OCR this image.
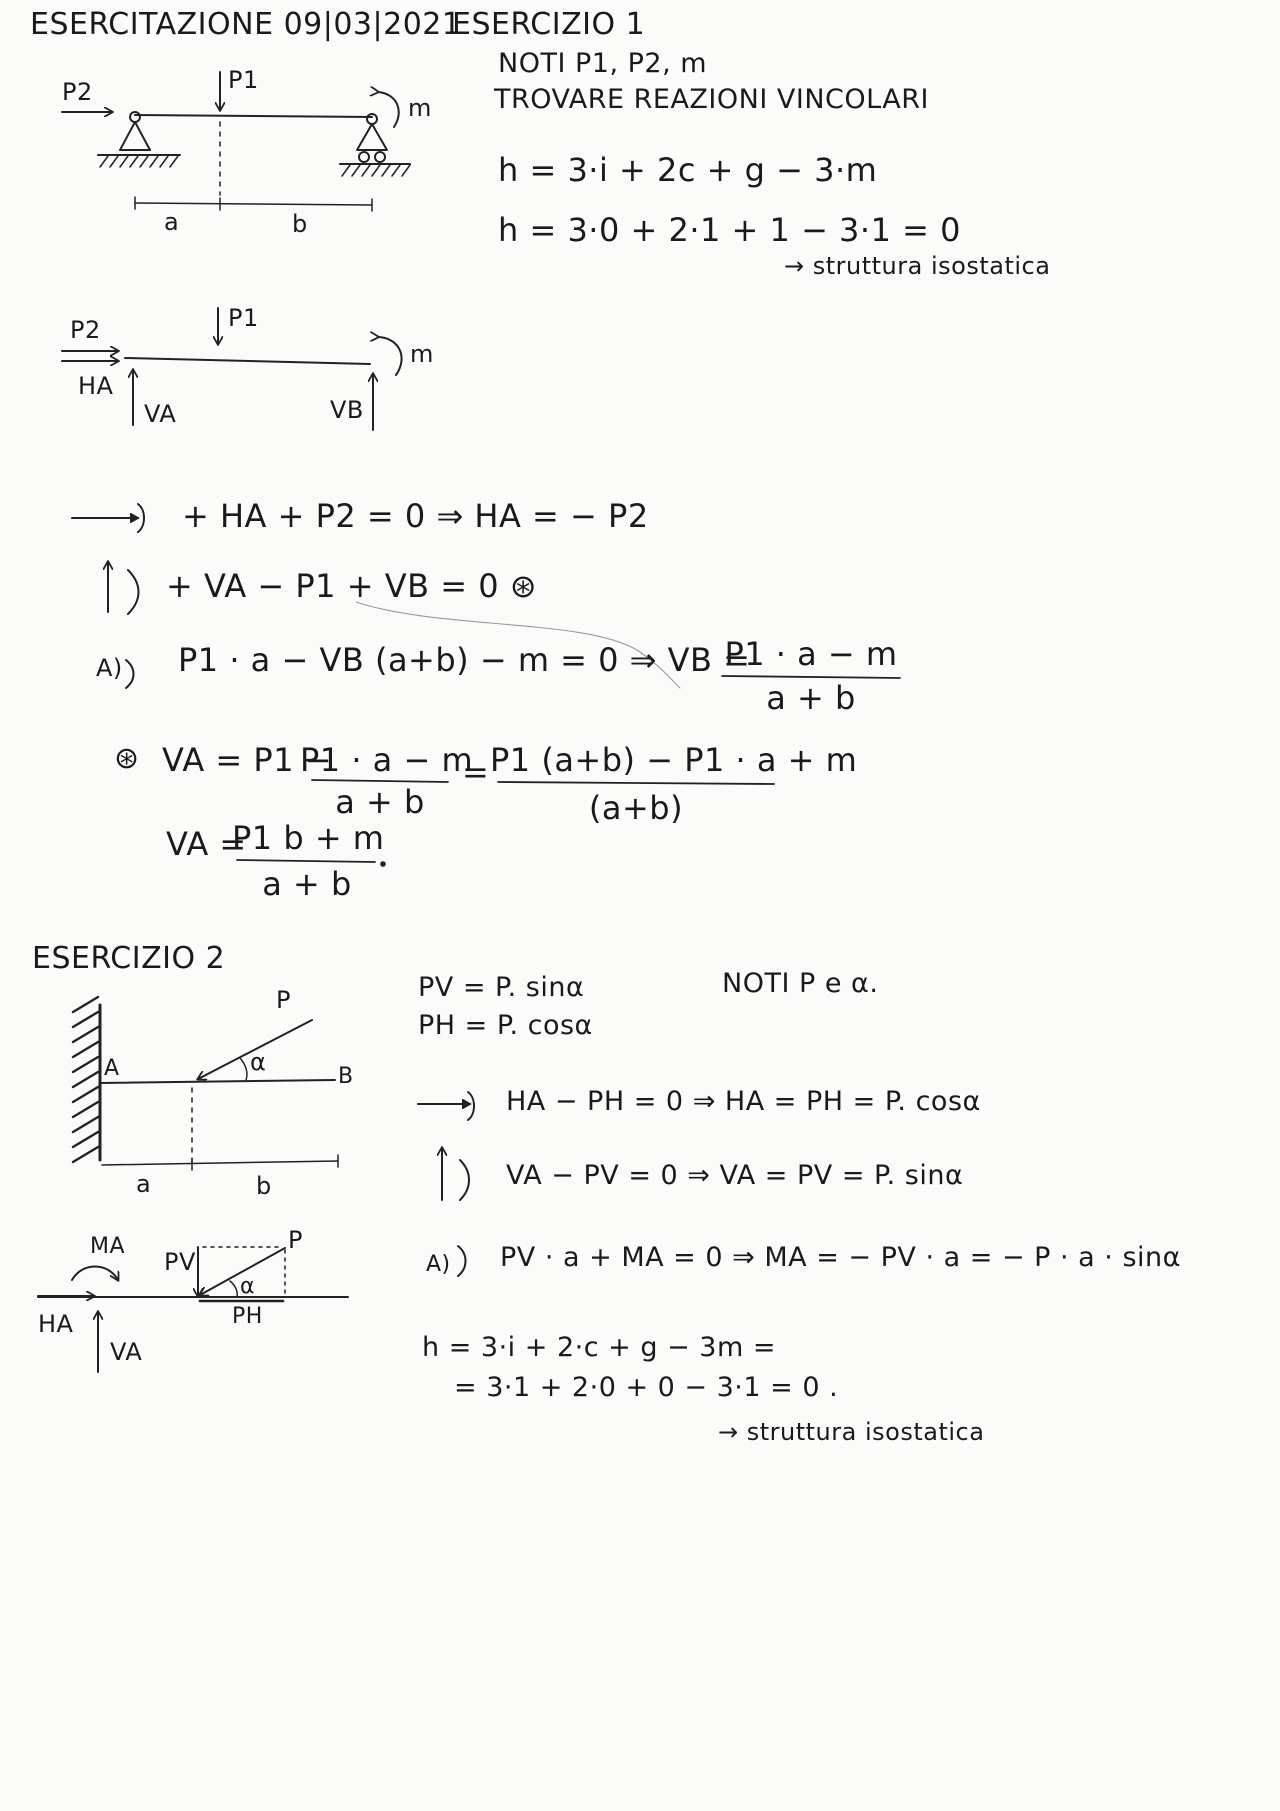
ESERCITAZIONE 09|03|2021
ESERCIZIO 1
NOTI P1, P2, m
TROVARE REAZIONI VINCOLARI
P2	P1
m
a	b
h = 3·i + 2c + g − 3·m
h = 3·0 + 2·1 + 1 − 3·1 = 0
→ struttura isostatica
P2	P1
m
HA
VA	VB
+ HA + P2 = 0 ⇒ HA = − P2
+ VA − P1 + VB = 0 ⊛
A) P1 · a − VB (a+b) − m = 0 ⇒ VB =
P1 · a − m
a + b
⊛ VA = P1 −
P1 · a − m
a + b
= P1 (a+b) − P1 · a + m
(a+b)
VA =
P1 b + m
a + b
ESERCIZIO 2
NOTI P e α.
PV = P. sinα
PH = P. cosα
P
α
A	B
a	b
MA
PV
P
α
PH
HA
VA
HA − PH = 0 ⇒ HA = PH = P. cosα
VA − PV = 0 ⇒ VA = PV = P. sinα
A) PV · a + MA = 0 ⇒ MA = − PV · a = − P · a · sinα
h = 3·i + 2·c + g − 3m =
= 3·1 + 2·0 + 0 − 3·1 = 0 .
→ struttura isostatica
